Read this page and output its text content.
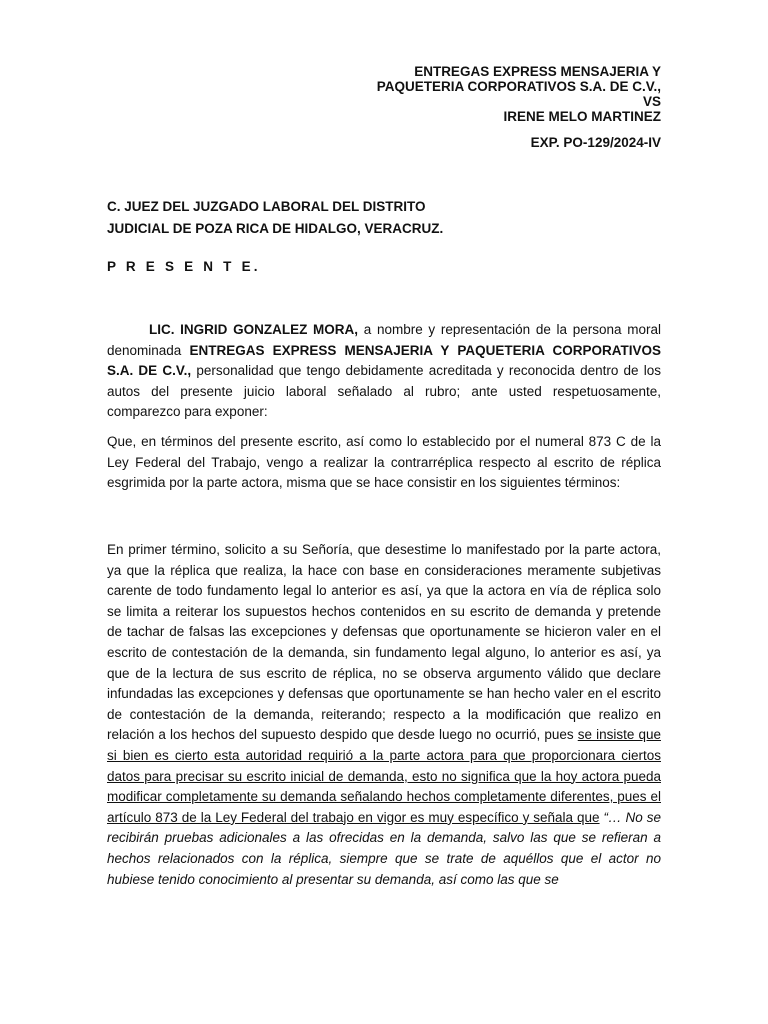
ENTREGAS EXPRESS MENSAJERIA Y
PAQUETERIA CORPORATIVOS S.A. DE C.V.,
VS
IRENE MELO MARTINEZ
EXP. PO-129/2024-IV
C. JUEZ DEL JUZGADO LABORAL DEL DISTRITO
JUDICIAL DE POZA RICA DE HIDALGO, VERACRUZ.
P R E S E N T E.
LIC. INGRID GONZALEZ MORA, a nombre y representación de la persona moral denominada ENTREGAS EXPRESS MENSAJERIA Y PAQUETERIA CORPORATIVOS S.A. DE C.V., personalidad que tengo debidamente acreditada y reconocida dentro de los autos del presente juicio laboral señalado al rubro; ante usted respetuosamente, comparezco para exponer:
Que, en términos del presente escrito, así como lo establecido por el numeral 873 C de la Ley Federal del Trabajo, vengo a realizar la contrarréplica respecto al escrito de réplica esgrimida por la parte actora, misma que se hace consistir en los siguientes términos:
En primer término, solicito a su Señoría, que desestime lo manifestado por la parte actora, ya que la réplica que realiza, la hace con base en consideraciones meramente subjetivas carente de todo fundamento legal lo anterior es así, ya que la actora en vía de réplica solo se limita a reiterar los supuestos hechos contenidos en su escrito de demanda y pretende de tachar de falsas las excepciones y defensas que oportunamente se hicieron valer en el escrito de contestación de la demanda, sin fundamento legal alguno, lo anterior es así, ya que de la lectura de sus escrito de réplica, no se observa argumento válido que declare infundadas las excepciones y defensas que oportunamente se han hecho valer en el escrito de contestación de la demanda, reiterando; respecto a la modificación que realizo en relación a los hechos del supuesto despido que desde luego no ocurrió, pues se insiste que si bien es cierto esta autoridad requirió a la parte actora para que proporcionara ciertos datos para precisar su escrito inicial de demanda, esto no significa que la hoy actora pueda modificar completamente su demanda señalando hechos completamente diferentes, pues el artículo 873 de la Ley Federal del trabajo en vigor es muy específico y señala que “… No se recibirán pruebas adicionales a las ofrecidas en la demanda, salvo las que se refieran a hechos relacionados con la réplica, siempre que se trate de aquéllos que el actor no hubiese tenido conocimiento al presentar su demanda, así como las que se
